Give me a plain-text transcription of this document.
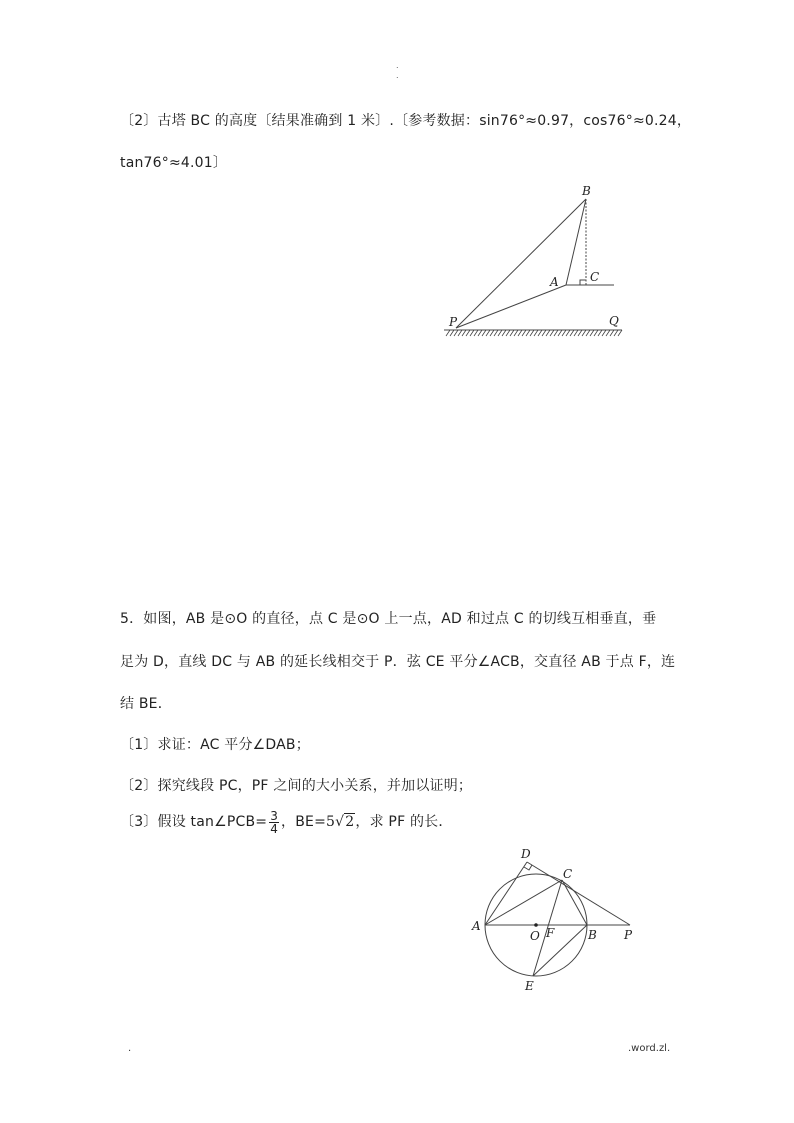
.
.
〔2〕古塔 BC 的高度〔结果准确到 1 米〕.〔参考数据：sin76°≈0.97，cos76°≈0.24，
tan76°≈4.01〕
B
A	C
P	Q
5．如图，AB 是⊙O 的直径，点 C 是⊙O 上一点，AD 和过点 C 的切线互相垂直，垂
足为 D，直线 DC 与 AB 的延长线相交于 P．弦 CE 平分∠ACB，交直径 AB 于点 F，连
结 BE．
〔1〕求证：AC 平分∠DAB；
〔2〕探究线段 PC，PF 之间的大小关系，并加以证明；
〔3〕假设 tan∠PCB= $\frac{3}{4}$ ，BE=5√2，求 PF 的长．
D
C
A
O F	B P
E
.	.word.zl.
